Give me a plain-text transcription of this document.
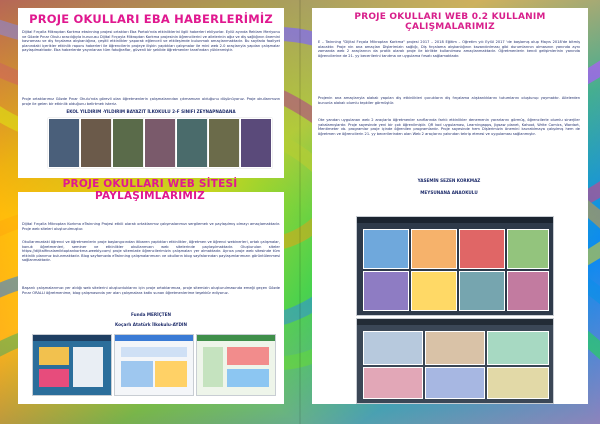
PROJE OKULLARI EBA HABERLERİMİZ
Dijital Fırçalla Mikroptan Korkma etwinning projesi ortakları Eba Portalı'nda etkinliklerini ilgili haberleri ekliyorlar. Eylül ayında Reklam Meriyonu ve Gözde Pınar Okulu aracılığıyla kurucusu Dijital Fırçayla Mikroptan Korkma projesinin öğrencilerini ve ailelerinin ağız ve diş sağlığının önemini kavraması ve diş fırçalama alışkanlığına, çeşitli etkinlikler yaparak eğlenceli ve etkileşimde bulunmak amaçlanmaktadır. Bu sayfada faaliyet planındaki içerikler etkinlik raporu haberleri ile öğrencilerin projeye ilişkin yaptıkları çalışmalar ile mini web 2.0 araçlarıyla yapılan çalışmalar paylaşılmaktadır. Eba haberlerde yayınlanan tüm fotoğraflar, güvenli bir şekilde öğretmenler tarafından yüklenmiştir.
Proje ortaklarımız Gözde Pınar Okulu'nda görevli olan öğretmenlerin çalışmalarından çıkmamızın olduğunu düşünüyoruz. Proje okullarımızın proje ile gelen bir etkinlik olduğunu belirtmek isteriz.
EKOL YILDIRIM -YILDIRIM BAYAZIT İLKOKULU 2-F SINIFI ZEYNAPNADANA
PROJE OKULLARI WEB SİTESİ PAYLAŞIMLARIMIZ
Dijital Fırçalla Mikroptan Korkma eTwinning Projesi etkili olarak ortaklarımız çalışmalarımızı sergilemek ve paylaşılmış olmayı amaçlamaktadır. Proje web siteleri oluşturulmuştur.
Okullarımızdaki öğrenci ve öğretmenlerin proje başlangıcından itibaren yaptıkları etkinlikler, öğretmen ve öğrenci webinerleri, ortak çalışmalar, konuk öğretmenleri, seminer ve etkinlikler okullarımızın web sitelerinde paylaşılmaktadır. Oluşturulan siteler https://dijitalfircalamiktoptankorkma.weebly.com/ proje sitemizde öğrencilerimizin çalışmaları yer almaktadır. Ayrıca proje web sitesinde tüm etkinlik planımız bulunmaktadır. Blog sayfamızda eTwinning çalışmalarımızın ve okulların blog sayfalarından paylaşımlarımızın görüntülenmesi sağlanmaktadır.
Başarılı çalışmalarımızı yer aldığı web sitelerini oluşturduklarını için proje ortaklarımıza, proje sitemizin oluşturulmasında emeği geçen Gözde Pınar ORALLI öğretmenime, blog çalışmasında yer alan çalışmalara katkı sunan öğretmenlerime teşekkür ediyoruz.
Funda MERİÇTEN
Koçarlı Atatürk İlkokulu-AYDIN
PROJE OKULLARI WEB 0.2 KULLANIM ÇALIŞMALARIMIZ
E – Twinning "Dijital Fırçala Mikroptan Korkma" projesi 2017 – 2018 Eğitim – Öğretim yılı Eylül 2017 'de başlamış olup Mayıs 2018'de bitmiş olacaktır. Proje nin ana amaçları Dişlerimizin sağlığı, Diş fırçalama alışkanlığının kazandırılması gibi durumlarının olmasının yanında aynı zamanda web 2 araçlarının da pratik olarak proje ile birlikte kullanılması amaçlanmaktadır. Öğretmenlerin kendi gelişimlerinin yanında öğrencilerine de 21. yy becerilerini tanıtma ve uygulama fırsatı sağlamaktadır.
Projenin ana amaçlarıyla alakalı yapılan diş etkinlikleri çocukların diş fırçalama alışkanlıklarını tutumlarını oluşturup yaymaktır. Ailelerden bununla alakalı olumlu tepkiler görmüştür.
Öte yandan uygulanan web 2 araçlarla öğretmenler sınıflarında farklı etkinlikler denemenin yararlarını görmüş, öğrencilerle olumlu sinerjiler yakalamışlardır. Proje sayesinde yeni bir çok öğrenilmiştir. QR kod uygulaması, Learningapps, Jigsaw planet, Kahoot, Write Comics, Wordart, Mentimeter vb. programlar proje içinde öğrenilen programlardır. Proje sayesinde hem Dişlerimizin önemini kavratılmaya çalışılmış hem de öğretmen ve öğrencilerin 21. yy becerilerinden olan Web 2 araçlarını yakından tekrip etmesi ve uygulaması sağlanmıştır.
YASEMİN SEZEN KORKMAZ
MEYSUNANA ANAOKULU
